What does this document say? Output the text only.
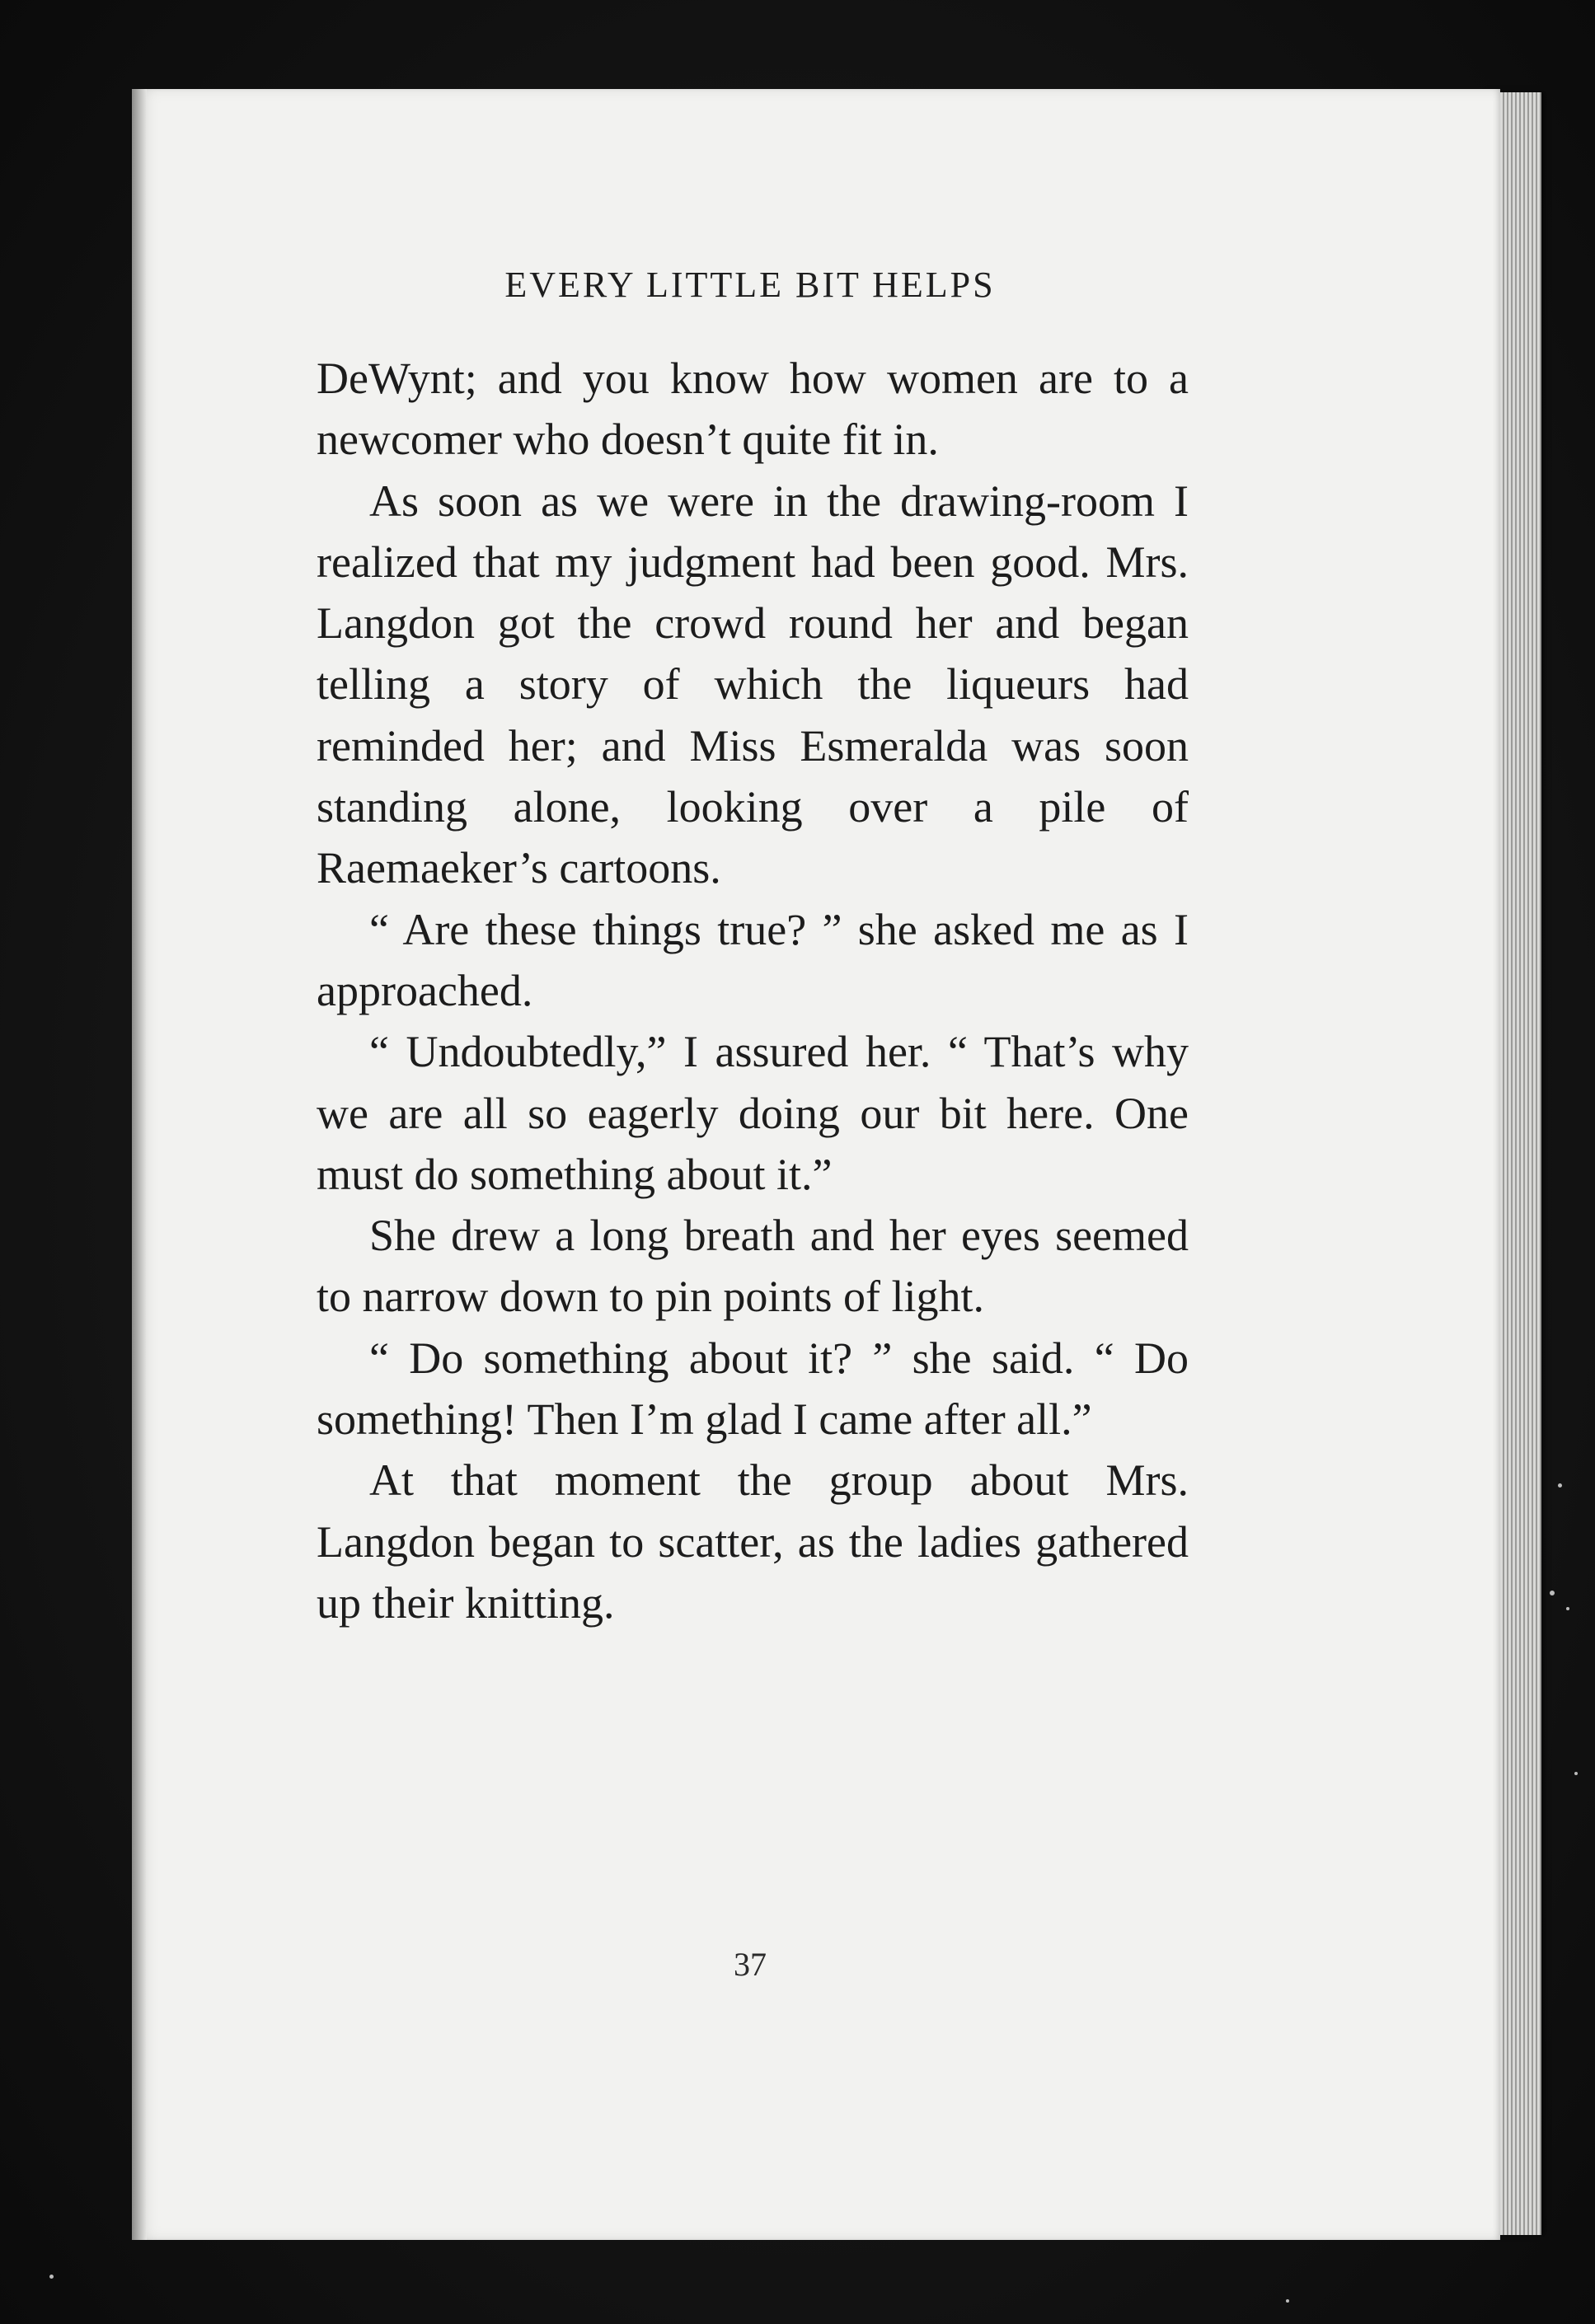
EVERY LITTLE BIT HELPS

DeWynt; and you know how women are to a newcomer who doesn’t quite fit in.

As soon as we were in the drawing-room I realized that my judgment had been good. Mrs. Langdon got the crowd round her and began telling a story of which the liqueurs had reminded her; and Miss Esmeralda was soon standing alone, looking over a pile of Raemaeker’s cartoons.

“ Are these things true? ” she asked me as I approached.

“ Undoubtedly,” I assured her. “ That’s why we are all so eagerly doing our bit here. One must do something about it.”

She drew a long breath and her eyes seemed to narrow down to pin points of light.

“ Do something about it? ” she said. “ Do something! Then I’m glad I came after all.”

At that moment the group about Mrs. Langdon began to scatter, as the ladies gathered up their knitting.

37
